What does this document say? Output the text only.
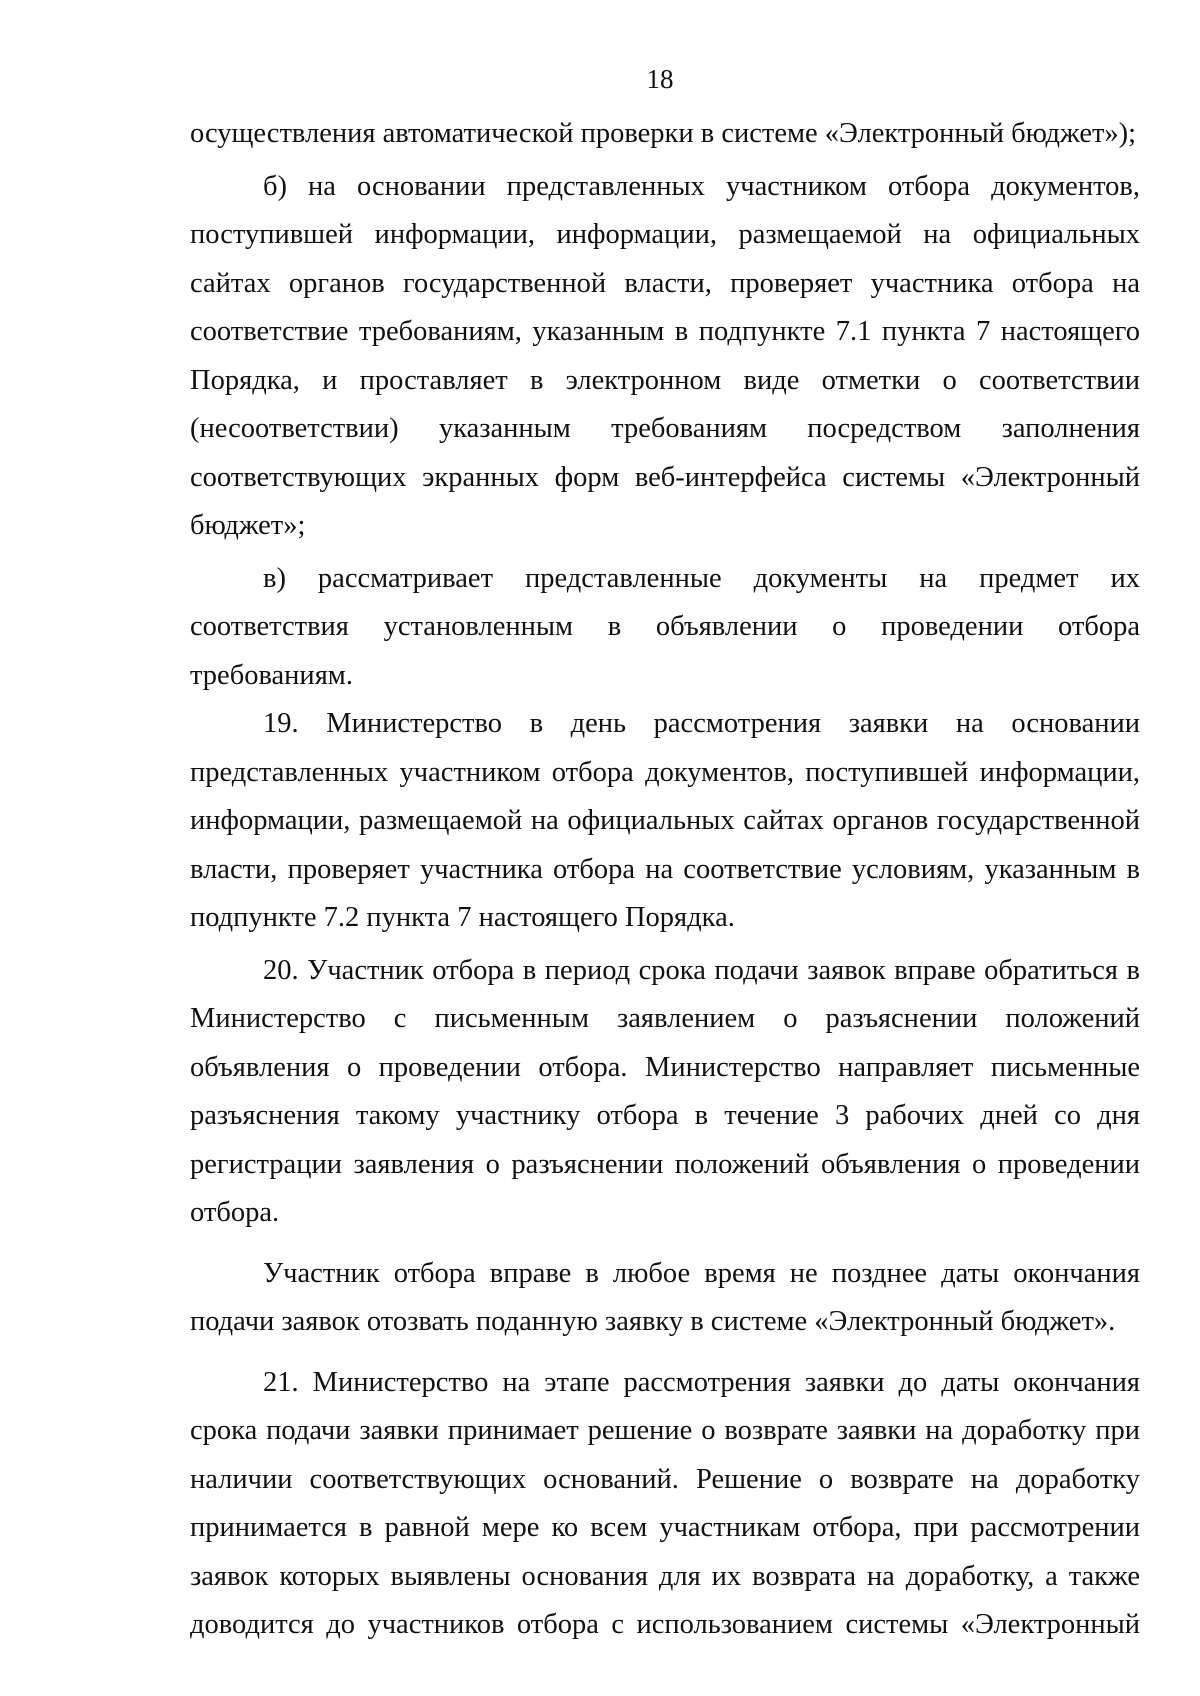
18

осуществления автоматической проверки в системе «Электронный бюджет»);

б) на основании представленных участником отбора документов, поступившей информации, информации, размещаемой на официальных сайтах органов государственной власти, проверяет участника отбора на соответствие требованиям, указанным в подпункте 7.1 пункта 7 настоящего Порядка, и проставляет в электронном виде отметки о соответствии (несоответствии) указанным требованиям посредством заполнения соответствующих экранных форм веб-интерфейса системы «Электронный бюджет»;

в) рассматривает представленные документы на предмет их соответствия установленным в объявлении о проведении отбора требованиям.

19. Министерство в день рассмотрения заявки на основании представленных участником отбора документов, поступившей информации, информации, размещаемой на официальных сайтах органов государственной власти, проверяет участника отбора на соответствие условиям, указанным в подпункте 7.2 пункта 7 настоящего Порядка.

20. Участник отбора в период срока подачи заявок вправе обратиться в Министерство с письменным заявлением о разъяснении положений объявления о проведении отбора. Министерство направляет письменные разъяснения такому участнику отбора в течение 3 рабочих дней со дня регистрации заявления о разъяснении положений объявления о проведении отбора.

Участник отбора вправе в любое время не позднее даты окончания подачи заявок отозвать поданную заявку в системе «Электронный бюджет».

21. Министерство на этапе рассмотрения заявки до даты окончания срока подачи заявки принимает решение о возврате заявки на доработку при наличии соответствующих оснований. Решение о возврате на доработку принимается в равной мере ко всем участникам отбора, при рассмотрении заявок которых выявлены основания для их возврата на доработку, а также доводится до участников отбора с использованием системы «Электронный
